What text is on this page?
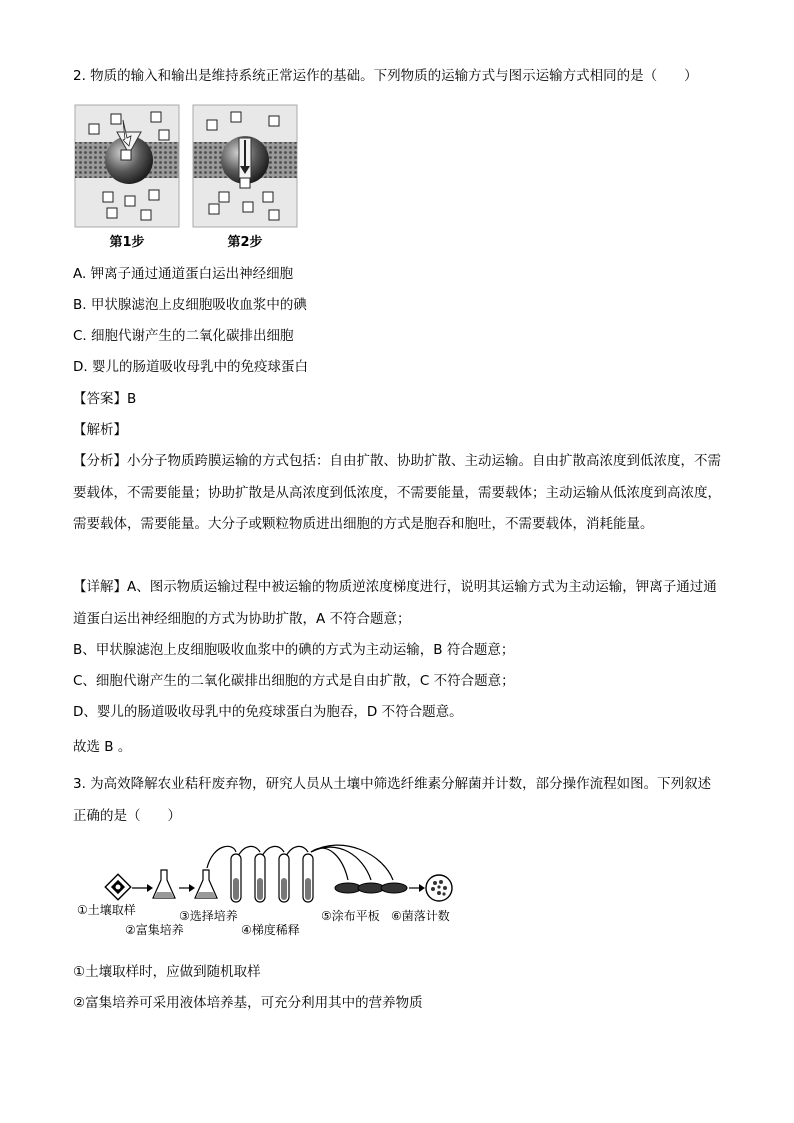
2. 物质的输入和输出是维持系统正常运作的基础。下列物质的运输方式与图示运输方式相同的是（　　）
第1步	第2步
A. 钾离子通过通道蛋白运出神经细胞
B. 甲状腺滤泡上皮细胞吸收血浆中的碘
C. 细胞代谢产生的二氧化碳排出细胞
D. 婴儿的肠道吸收母乳中的免疫球蛋白
【答案】B
【解析】
【分析】小分子物质跨膜运输的方式包括：自由扩散、协助扩散、主动运输。自由扩散高浓度到低浓度，不需要载体，不需要能量；协助扩散是从高浓度到低浓度，不需要能量，需要载体；主动运输从低浓度到高浓度，需要载体，需要能量。大分子或颗粒物质进出细胞的方式是胞吞和胞吐，不需要载体，消耗能量。
【详解】A、图示物质运输过程中被运输的物质逆浓度梯度进行，说明其运输方式为主动运输，钾离子通过通道蛋白运出神经细胞的方式为协助扩散，A 不符合题意；
B、甲状腺滤泡上皮细胞吸收血浆中的碘的方式为主动运输，B 符合题意；
C、细胞代谢产生的二氧化碳排出细胞的方式是自由扩散，C 不符合题意；
D、婴儿的肠道吸收母乳中的免疫球蛋白为胞吞，D 不符合题意。
故选 B 。
3. 为高效降解农业秸秆废弃物，研究人员从土壤中筛选纤维素分解菌并计数，部分操作流程如图。下列叙述正确的是（　　）
①土壤取样
②富集培养
③选择培养
④梯度稀释
⑤涂布平板 ⑥菌落计数
①土壤取样时，应做到随机取样
②富集培养可采用液体培养基，可充分利用其中的营养物质
